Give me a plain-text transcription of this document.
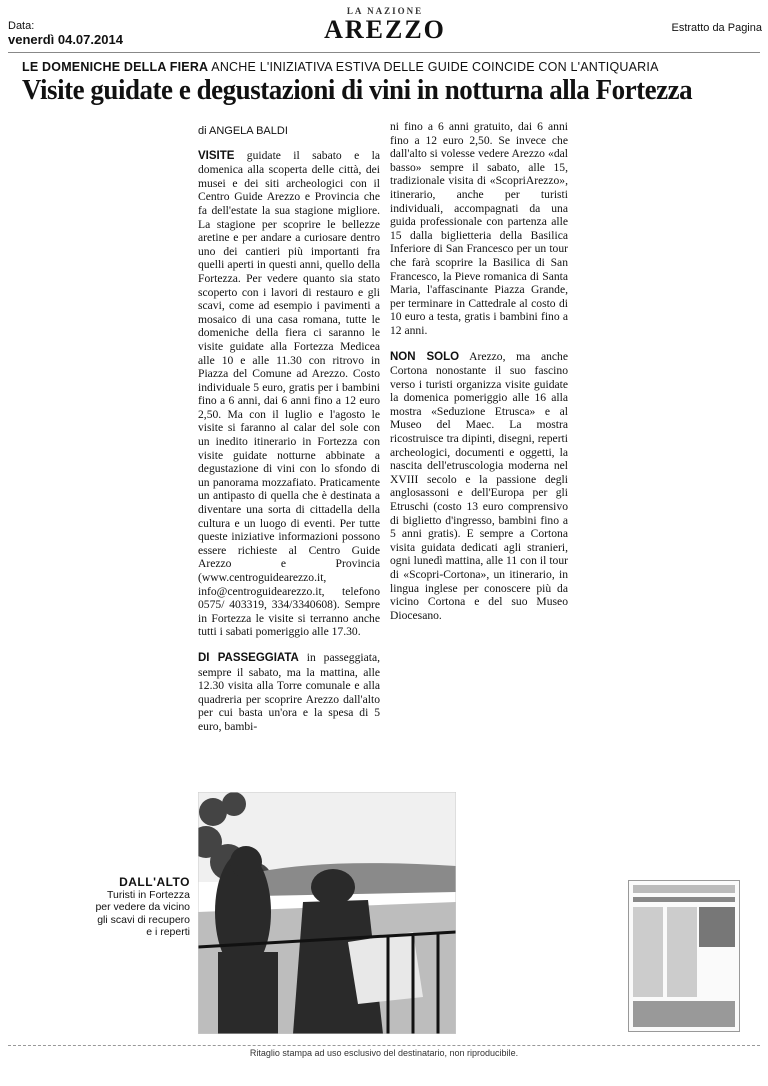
Data:
venerdì 04.07.2014
LA NAZIONE
AREZZO	Estratto da Pagina
LE DOMENICHE DELLA FIERA ANCHE L'INIZIATIVA ESTIVA DELLE GUIDE COINCIDE CON L'ANTIQUARIA
Visite guidate e degustazioni di vini in notturna alla Fortezza

di ANGELA BALDI

VISITE guidate il sabato e la domenica alla scoperta delle città, dei musei e dei siti archeologici con il Centro Guide Arezzo e Provincia che fa dell'estate la sua stagione migliore. La stagione per scoprire le bellezze aretine e per andare a curiosare dentro uno dei cantieri più importanti fra quelli aperti in questi anni, quello della Fortezza. Per vedere quanto sia stato scoperto con i lavori di restauro e gli scavi, come ad esempio i pavimenti a mosaico di una casa romana, tutte le domeniche della fiera ci saranno le visite guidate alla Fortezza Medicea alle 10 e alle 11.30 con ritrovo in Piazza del Comune ad Arezzo. Costo individuale 5 euro, gratis per i bambini fino a 6 anni, dai 6 anni fino a 12 euro 2,50. Ma con il luglio e l'agosto le visite si faranno al calar del sole con un inedito itinerario in Fortezza con visite guidate notturne abbinate a degustazione di vini con lo sfondo di un panorama mozzafiato. Praticamente un antipasto di quella che è destinata a diventare una sorta di cittadella della cultura e un luogo di eventi. Per tutte queste iniziative informazioni possono essere richieste al Centro Guide Arezzo e Provincia (www.centroguidearezzo.it, info@centroguidearezzo.it, telefono 0575/ 403319, 334/3340608). Sempre in Fortezza le visite si terranno anche tutti i sabati pomeriggio alle 17.30.

DI PASSEGGIATA in passeggiata, sempre il sabato, ma la mattina, alle 12.30 visita alla Torre comunale e alla quadreria per scoprire Arezzo dall'alto per cui basta un'ora e la spesa di 5 euro, bambi-

ni fino a 6 anni gratuito, dai 6 anni fino a 12 euro 2,50. Se invece che dall'alto si volesse vedere Arezzo «dal basso» sempre il sabato, alle 15, tradizionale visita di «ScopriArezzo», itinerario, anche per turisti individuali, accompagnati da una guida professionale con partenza alle 15 dalla biglietteria della Basilica Inferiore di San Francesco per un tour che farà scoprire la Basilica di San Francesco, la Pieve romanica di Santa Maria, l'affascinante Piazza Grande, per terminare in Cattedrale al costo di 10 euro a testa, gratis i bambini fino a 12 anni.

NON SOLO Arezzo, ma anche Cortona nonostante il suo fascino verso i turisti organizza visite guidate la domenica pomeriggio alle 16 alla mostra «Seduzione Etrusca» e al Museo del Maec. La mostra ricostruisce tra dipinti, disegni, reperti archeologici, documenti e oggetti, la nascita dell'etruscologia moderna nel XVIII secolo e la passione degli anglosassoni e dell'Europa per gli Etruschi (costo 13 euro comprensivo di biglietto d'ingresso, bambini fino a 5 anni gratis). E sempre a Cortona visita guidata dedicati agli stranieri, ogni lunedì mattina, alle 11 con il tour di «Scopri-Cortona», un itinerario, in lingua inglese per conoscere più da vicino Cortona e del suo Museo Diocesano.

DALL'ALTO
Turisti in Fortezza per vedere da vicino gli scavi di recupero e i reperti
Ritaglio stampa ad uso esclusivo del destinatario, non riproducibile.
